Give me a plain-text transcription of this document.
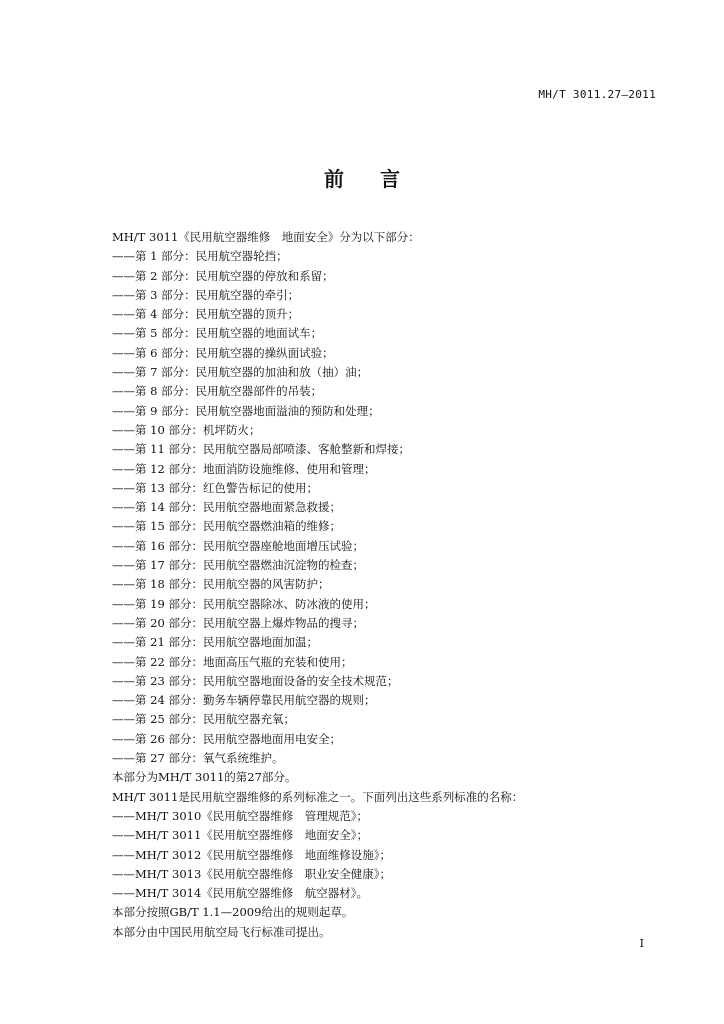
MH/T 3011.27—2011
前 言
MH/T 3011《民用航空器维修　地面安全》分为以下部分：
——第 1 部分：民用航空器轮挡；
——第 2 部分：民用航空器的停放和系留；
——第 3 部分：民用航空器的牵引；
——第 4 部分：民用航空器的顶升；
——第 5 部分：民用航空器的地面试车；
——第 6 部分：民用航空器的操纵面试验；
——第 7 部分：民用航空器的加油和放（抽）油；
——第 8 部分：民用航空器部件的吊装；
——第 9 部分：民用航空器地面溢油的预防和处理；
——第 10 部分：机坪防火；
——第 11 部分：民用航空器局部喷漆、客舱整新和焊接；
——第 12 部分：地面消防设施维修、使用和管理；
——第 13 部分：红色警告标记的使用；
——第 14 部分：民用航空器地面紧急救援；
——第 15 部分：民用航空器燃油箱的维修；
——第 16 部分：民用航空器座舱地面增压试验；
——第 17 部分：民用航空器燃油沉淀物的检查；
——第 18 部分：民用航空器的风害防护；
——第 19 部分：民用航空器除冰、防冰液的使用；
——第 20 部分：民用航空器上爆炸物品的搜寻；
——第 21 部分：民用航空器地面加温；
——第 22 部分：地面高压气瓶的充装和使用；
——第 23 部分：民用航空器地面设备的安全技术规范；
——第 24 部分：勤务车辆停靠民用航空器的规则；
——第 25 部分：民用航空器充氧；
——第 26 部分：民用航空器地面用电安全；
——第 27 部分：氧气系统维护。
本部分为MH/T 3011的第27部分。
MH/T 3011是民用航空器维修的系列标准之一。下面列出这些系列标准的名称：
——MH/T 3010《民用航空器维修　管理规范》；
——MH/T 3011《民用航空器维修　地面安全》；
——MH/T 3012《民用航空器维修　地面维修设施》；
——MH/T 3013《民用航空器维修　职业安全健康》；
——MH/T 3014《民用航空器维修　航空器材》。
本部分按照GB/T 1.1—2009给出的规则起草。
本部分由中国民用航空局飞行标准司提出。
I
